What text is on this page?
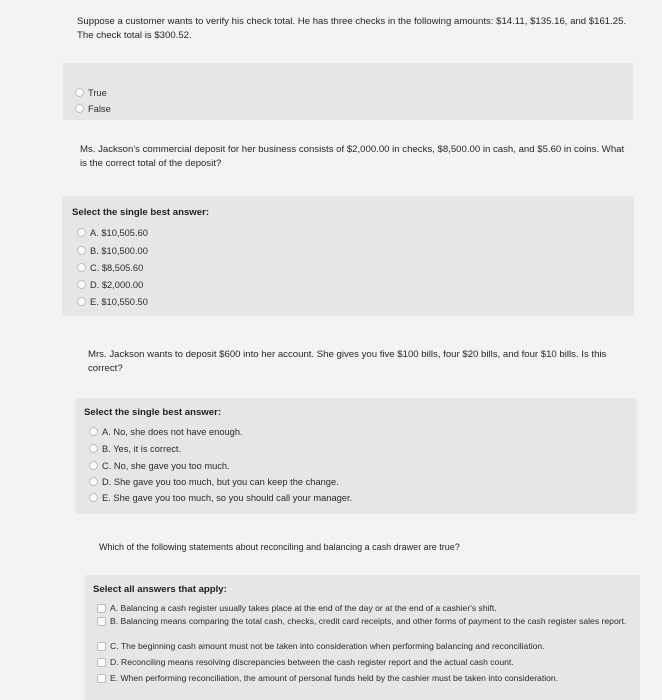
Suppose a customer wants to verify his check total. He has three checks in the following amounts: $14.11, $135.16, and $161.25. The check total is $300.52.
True
False
Ms. Jackson's commercial deposit for her business consists of $2,000.00 in checks, $8,500.00 in cash, and $5.60 in coins. What is the correct total of the deposit?
Select the single best answer:
A. $10,505.60
B. $10,500.00
C. $8,505.60
D. $2,000.00
E. $10,550.50
Mrs. Jackson wants to deposit $600 into her account. She gives you five $100 bills, four $20 bills, and four $10 bills. Is this correct?
Select the single best answer:
A. No, she does not have enough.
B. Yes, it is correct.
C. No, she gave you too much.
D. She gave you too much, but you can keep the change.
E. She gave you too much, so you should call your manager.
Which of the following statements about reconciling and balancing a cash drawer are true?
Select all answers that apply:
A. Balancing a cash register usually takes place at the end of the day or at the end of a cashier's shift.
B. Balancing means comparing the total cash, checks, credit card receipts, and other forms of payment to the cash register sales report.
C. The beginning cash amount must not be taken into consideration when performing balancing and reconciliation.
D. Reconciling means resolving discrepancies between the cash register report and the actual cash count.
E. When performing reconciliation, the amount of personal funds held by the cashier must be taken into consideration.
